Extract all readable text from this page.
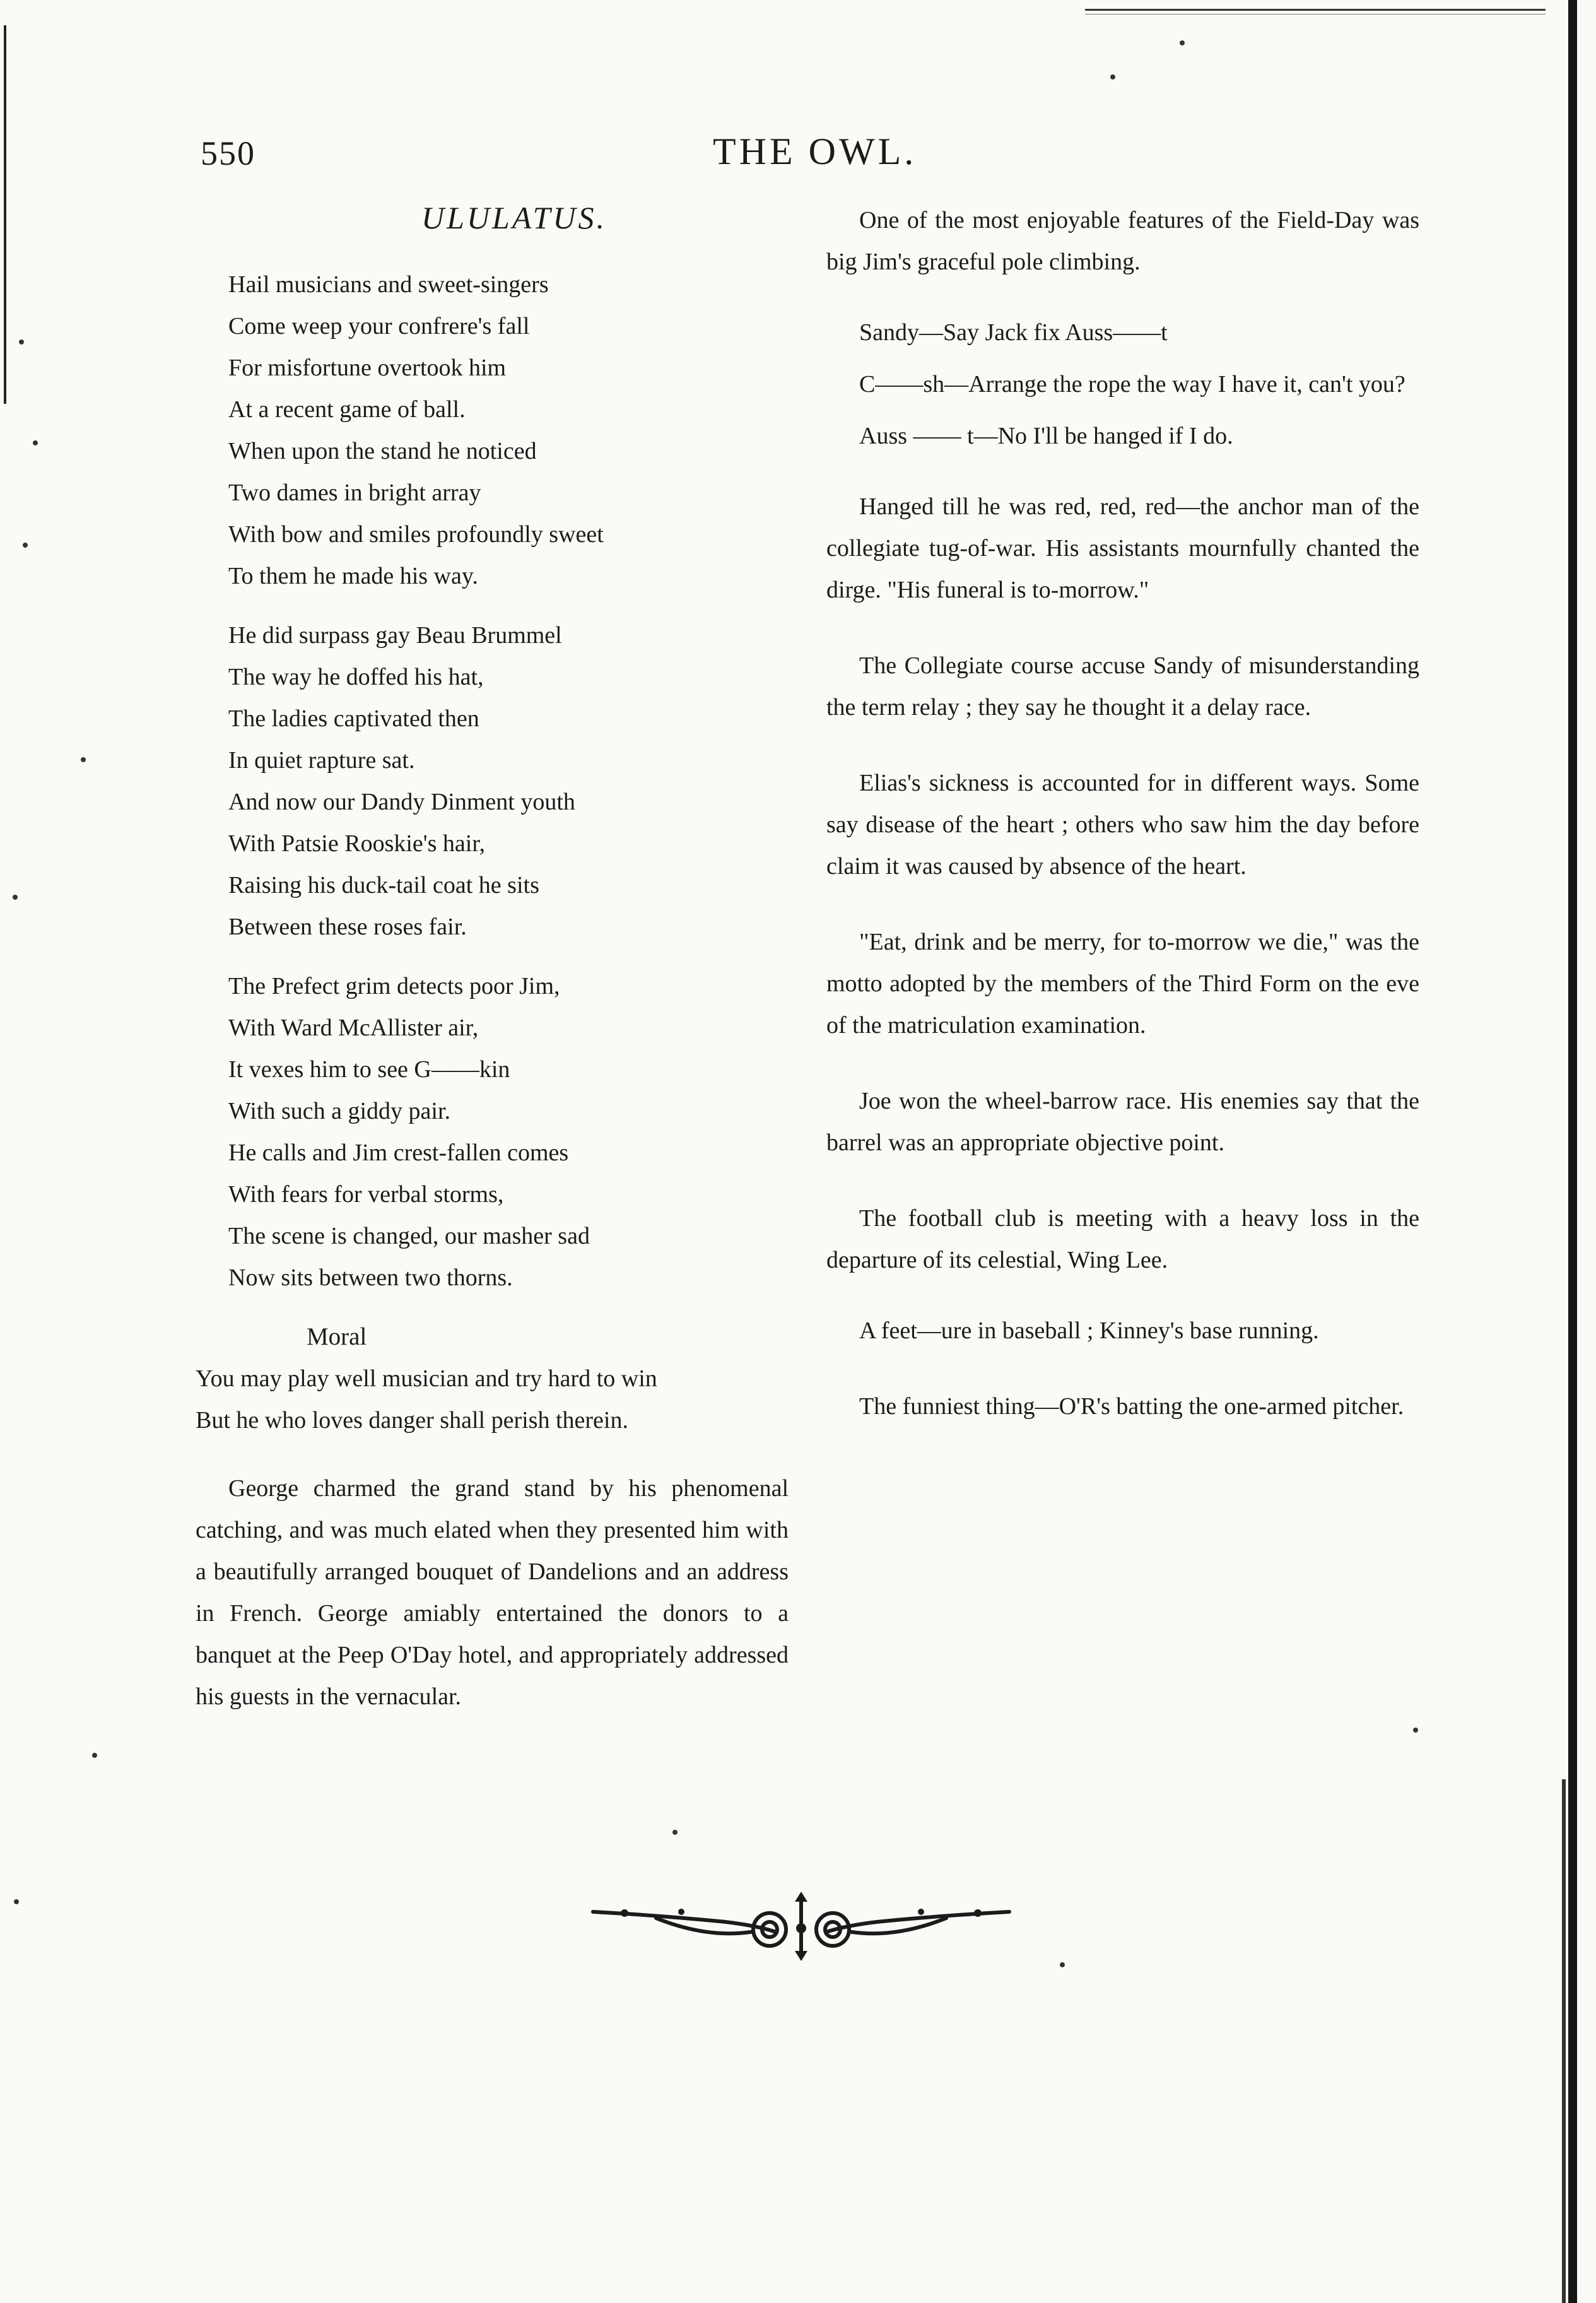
550	THE OWL.
ULULATUS.
Hail musicians and sweet-singers
Come weep your confrere's fall
For misfortune overtook him
At a recent game of ball.
When upon the stand he noticed
Two dames in bright array
With bow and smiles profoundly sweet
To them he made his way.
He did surpass gay Beau Brummel
The way he doffed his hat,
The ladies captivated then
In quiet rapture sat.
And now our Dandy Dinment youth
With Patsie Rooskie's hair,
Raising his duck-tail coat he sits
Between these roses fair.
The Prefect grim detects poor Jim,
With Ward McAllister air,
It vexes him to see G——kin
With such a giddy pair.
He calls and Jim crest-fallen comes
With fears for verbal storms,
The scene is changed, our masher sad
Now sits between two thorns.
Moral
You may play well musician and try hard to win
But he who loves danger shall perish therein.

George charmed the grand stand by his phenomenal catching, and was much elated when they presented him with a beautifully arranged bouquet of Dandelions and an address in French. George amiably entertained the donors to a banquet at the Peep O'Day hotel, and appropriately addressed his guests in the vernacular.

One of the most enjoyable features of the Field-Day was big Jim's graceful pole climbing.

Sandy—Say Jack fix Auss——t

C——sh—Arrange the rope the way I have it, can't you?

Auss —— t—No I'll be hanged if I do.

Hanged till he was red, red, red—the anchor man of the collegiate tug-of-war. His assistants mournfully chanted the dirge. "His funeral is to-morrow."

The Collegiate course accuse Sandy of misunderstanding the term relay ; they say he thought it a delay race.

Elias's sickness is accounted for in different ways. Some say disease of the heart ; others who saw him the day before claim it was caused by absence of the heart.

"Eat, drink and be merry, for to-morrow we die," was the motto adopted by the members of the Third Form on the eve of the matriculation examination.

Joe won the wheel-barrow race. His enemies say that the barrel was an appropriate objective point.

The football club is meeting with a heavy loss in the departure of its celestial, Wing Lee.

A feet—ure in baseball ; Kinney's base running.

The funniest thing—O'R's batting the one-armed pitcher.
